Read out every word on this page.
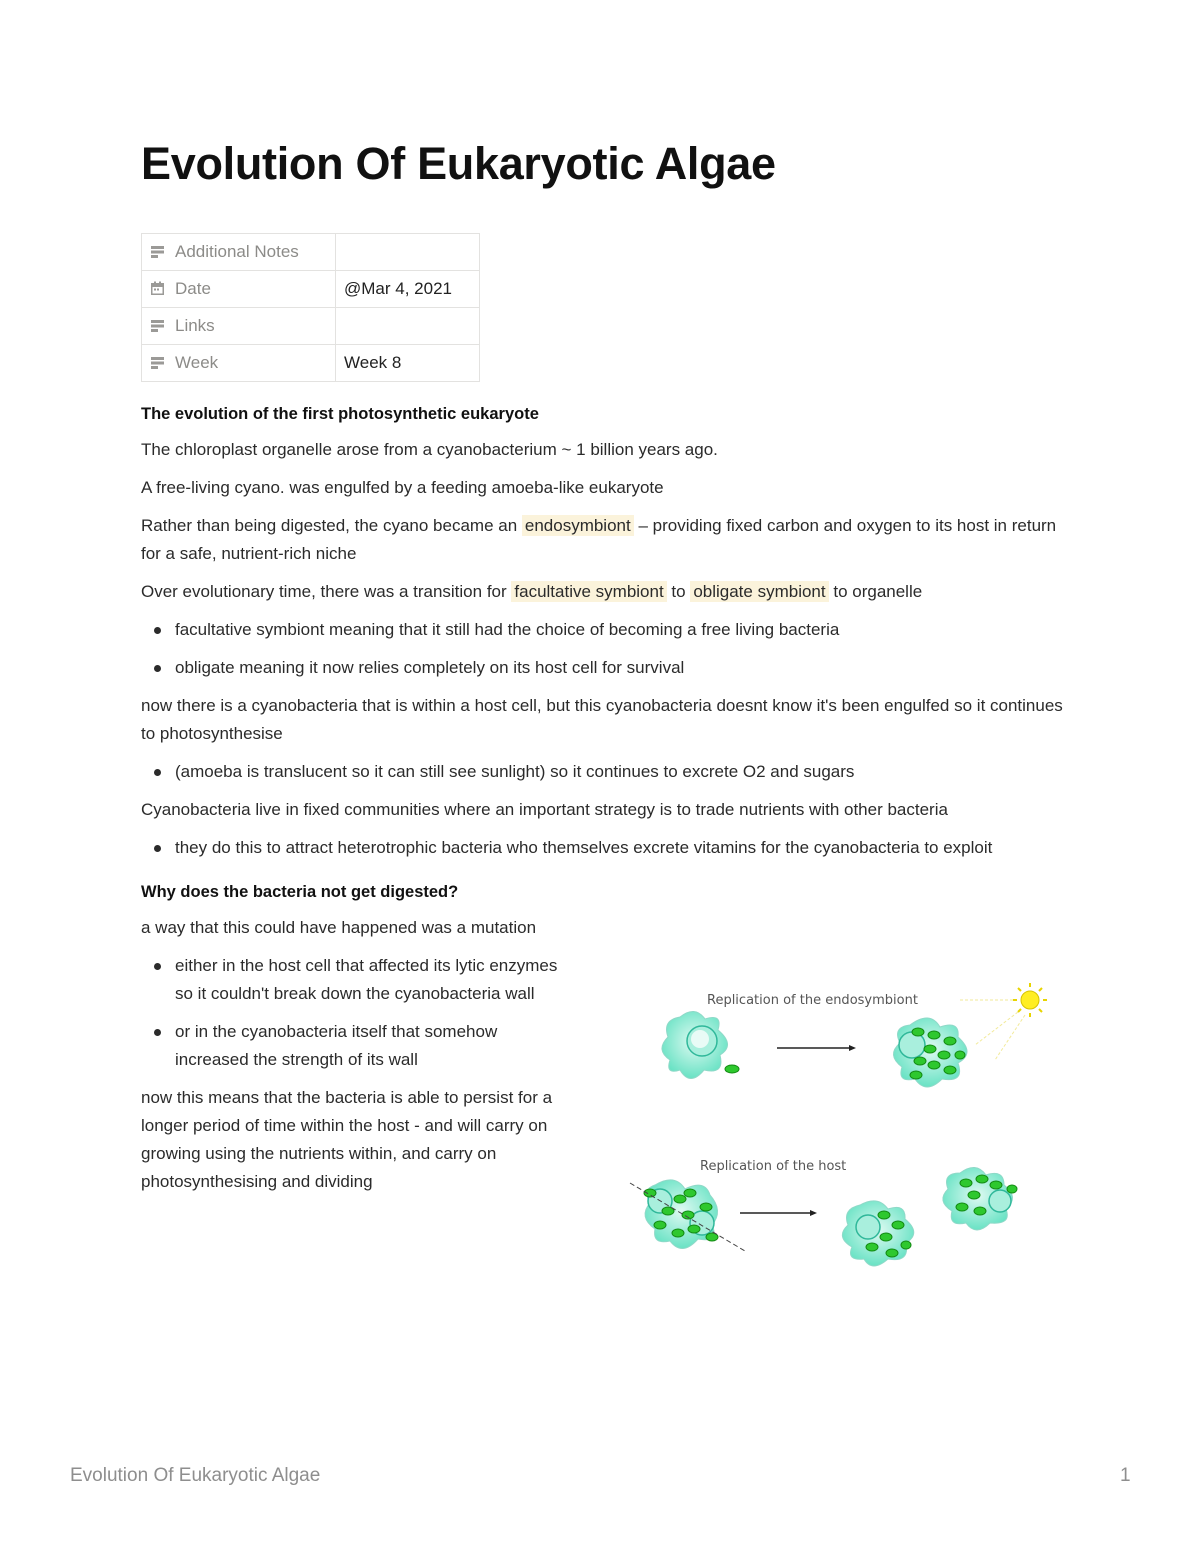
Evolution Of Eukaryotic Algae
Additional Notes	
Date	@Mar 4, 2021
Links	
Week	Week 8
The evolution of the first photosynthetic eukaryote

The chloroplast organelle arose from a cyanobacterium ~ 1 billion years ago.

A free-living cyano. was engulfed by a feeding amoeba-like eukaryote

Rather than being digested, the cyano became an endosymbiont – providing fixed carbon and oxygen to its host in return for a safe, nutrient-rich niche

Over evolutionary time, there was a transition for facultative symbiont to obligate symbiont to organelle

facultative symbiont meaning that it still had the choice of becoming a free living bacteria
obligate meaning it now relies completely on its host cell for survival

now there is a cyanobacteria that is within a host cell, but this cyanobacteria doesnt know it's been engulfed so it continues to photosynthesise

(amoeba is translucent so it can still see sunlight) so it continues to excrete O2 and sugars

Cyanobacteria live in fixed communities where an important strategy is to trade nutrients with other bacteria

they do this to attract heterotrophic bacteria who themselves excrete vitamins for the cyanobacteria to exploit
Why does the bacteria not get digested?

a way that this could have happened was a mutation

either in the host cell that affected its lytic enzymes so it couldn't break down the cyanobacteria wall
or in the cyanobacteria itself that somehow increased the strength of its wall

now this means that the bacteria is able to persist for a longer period of time within the host - and will carry on growing using the nutrients within, and carry on photosynthesising and dividing

Replication of the endosymbiont
Replication of the host
Evolution Of Eukaryotic Algae	1
